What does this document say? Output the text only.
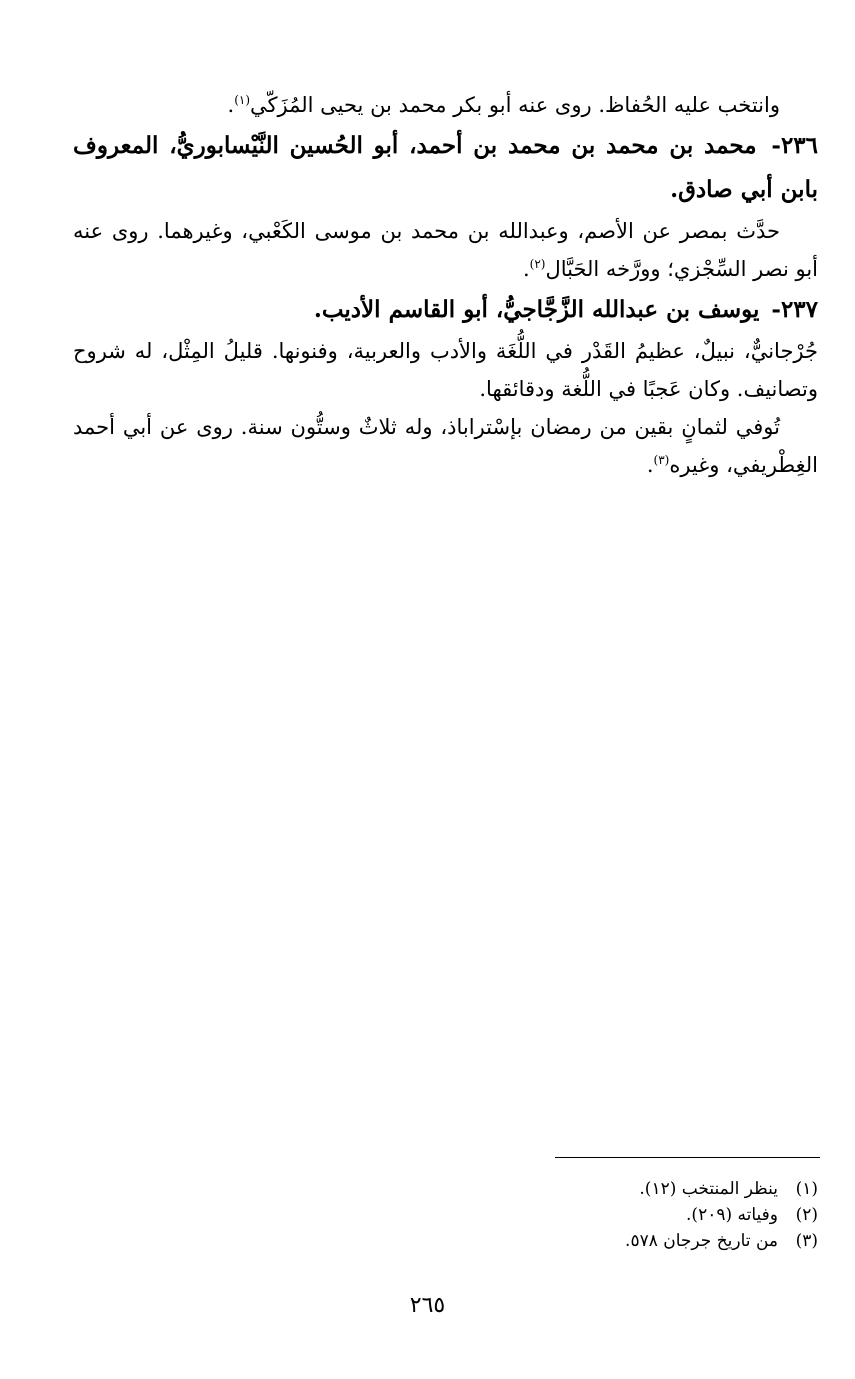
وانتخب عليه الحُفاظ. روى عنه أبو بكر محمد بن يحيى المُزَكّي$^{(١)}$.

٢٣٦- محمد بن محمد بن محمد بن أحمد، أبو الحُسين النَّيْسابوريُّ، المعروف بابن أبي صادق.

حدَّث بمصر عن الأصم، وعبدالله بن محمد بن موسى الكَعْبي، وغيرهما. روى عنه أبو نصر السِّجْزي؛ وورَّخه الحَبَّال$^{(٢)}$.

٢٣٧- يوسف بن عبدالله الزَّجَّاجيُّ، أبو القاسم الأديب.

جُرْجانيٌّ، نبيلٌ، عظيمُ القَدْر في اللُّغَة والأدب والعربية، وفنونها. قليلُ المِثْل، له شروح وتصانيف. وكان عَجبًا في اللُّغة ودقائقها.

تُوفي لثمانٍ بقين من رمضان بإسْتراباذ، وله ثلاثٌ وستُّون سنة. روى عن أبي أحمد الغِطْريفي، وغيره$^{(٣)}$.

(١)ينظر المنتخب (١٢).
(٢)وفياته (٢٠٩).
(٣)من تاريخ جرجان ٥٧٨.
٢٦٥
